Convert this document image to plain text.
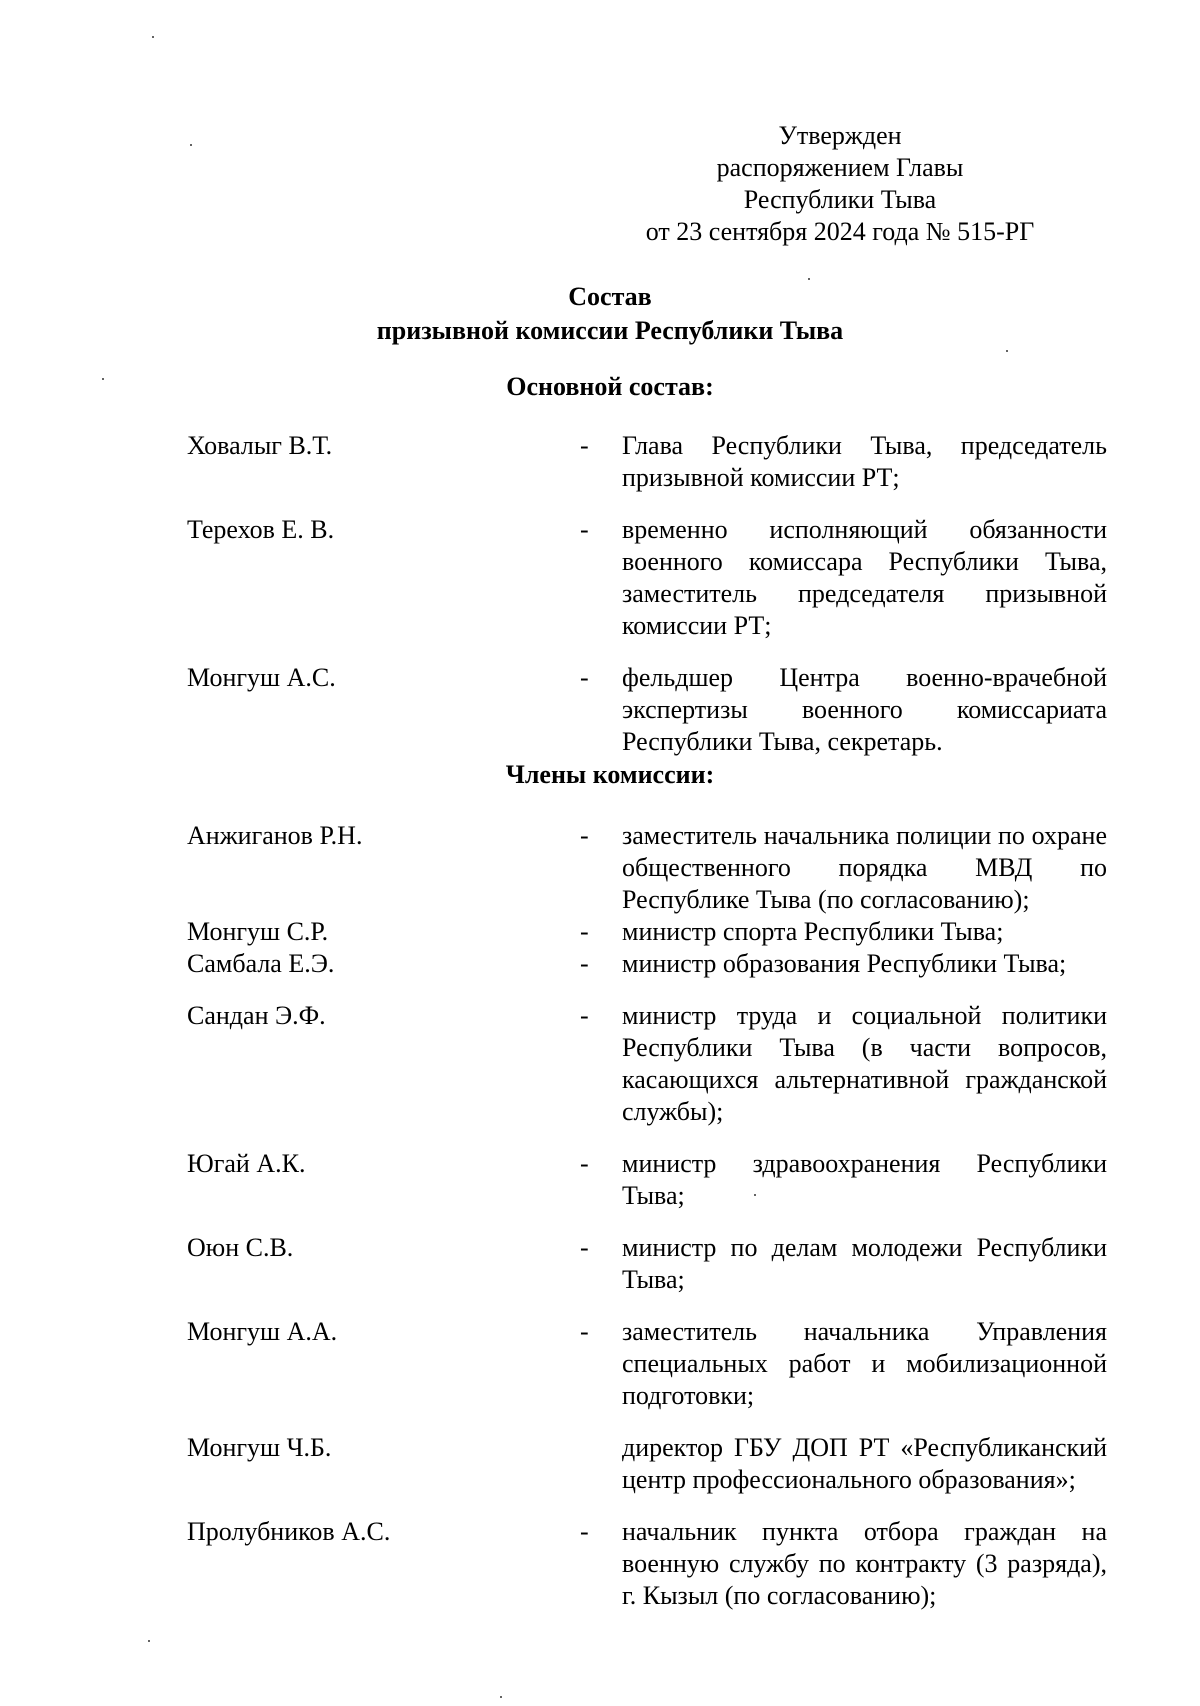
Утвержден
распоряжением Главы
Республики Тыва
от 23 сентября 2024 года № 515-РГ
Состав
призывной комиссии Республики Тыва
Основной состав:
Ховалыг В.Т.	-	Глава Республики Тыва, председатель призывной комиссии РТ;
Терехов Е. В.	-	временно исполняющий обязанности военного комиссара Республики Тыва, заместитель председателя призывной комиссии РТ;
Монгуш А.С.	-	фельдшер Центра военно-врачебной экспертизы военного комиссариата Республики Тыва, секретарь.
Члены комиссии:
Анжиганов Р.Н.	-	заместитель начальника полиции по охране общественного порядка МВД по Республике Тыва (по согласованию);
Монгуш С.Р.	-	министр спорта Республики Тыва;
Самбала Е.Э.	-	министр образования Республики Тыва;
Сандан Э.Ф.	-	министр труда и социальной политики Республики Тыва (в части вопросов, касающихся альтернативной гражданской службы);
Югай А.К.	-	министр здравоохранения Республики Тыва;
Оюн С.В.	-	министр по делам молодежи Республики Тыва;
Монгуш А.А.	-	заместитель начальника Управления специальных работ и мобилизационной подготовки;
Монгуш Ч.Б.	директор ГБУ ДОП РТ «Республиканский центр профессионального образования»;
Пролубников А.С.	-	начальник пункта отбора граждан на военную службу по контракту (3 разряда), г. Кызыл (по согласованию);
